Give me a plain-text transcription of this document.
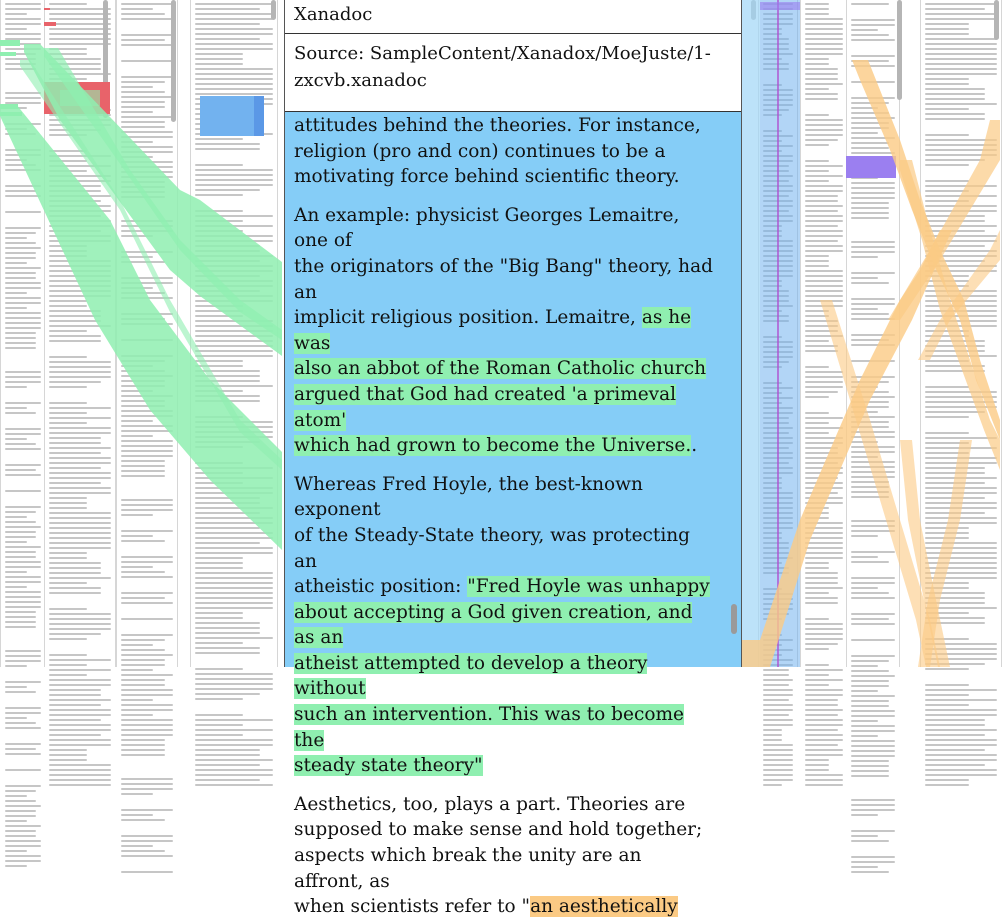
Xanadoc
Source: SampleContent/Xanadox/MoeJuste/1-
zxcvb.xanadoc

attitudes behind the theories. For instance,
religion (pro and con) continues to be a
motivating force behind scientific theory.

An example: physicist Georges Lemaitre, one of
the originators of the "Big Bang" theory, had an
implicit religious position. Lemaitre, as he was
also an abbot of the Roman Catholic church
argued that God had created 'a primeval atom'
which had grown to become the Universe..

Whereas Fred Hoyle, the best-known exponent
of the Steady-State theory, was protecting an
atheistic position: "Fred Hoyle was unhappy
about accepting a God given creation, and as an
atheist attempted to develop a theory without
such an intervention. This was to become the
steady state theory"

Aesthetics, too, plays a part. Theories are
supposed to make sense and hold together;
aspects which break the unity are an affront, as
when scientists refer to "an aesthetically
